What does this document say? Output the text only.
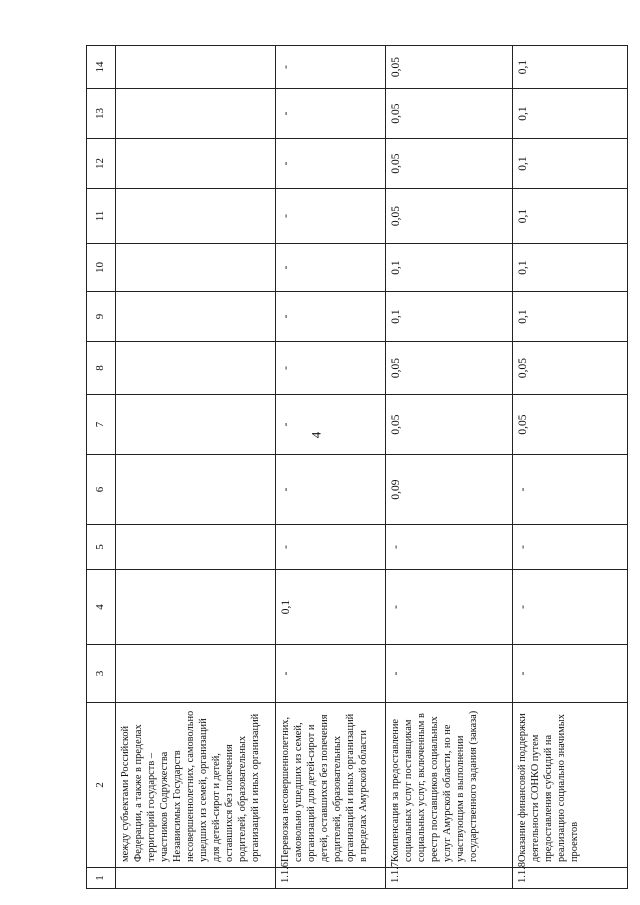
4
1	2	3	4	5	6	7	8	9	10	11	12	13	14
	между субъектами Российской Федерации, а также в пределах территорий государств – участников Содружества Независимых Государств несовершеннолетних, самовольно ушедших из семей, организаций для детей-сирот и детей, оставшихся без попечения родителей, образовательных организаций и иных организаций												
1.1.6	Перевозка несовершеннолетних, самовольно ушедших из семей, организаций для детей-сирот и детей, оставшихся без попечения родителей, образовательных организаций и иных организаций в пределах Амурской области	-	0,1	-	-	-	-	-	-	-	-	-	-
1.1.7	Компенсация за предоставление социальных услуг поставщикам социальных услуг, включенным в реестр поставщиков социальных услуг Амурской области, но не участвующим в выполнении государственного задания (заказа)	-	-	-	0,09	0,05	0,05	0,1	0,1	0,05	0,05	0,05	0,05
1.1.8	Оказание финансовой поддержки деятельности СОНКО путем предоставления субсидий на реализацию социально значимых проектов	-	-	-	-	0,05	0,05	0,1	0,1	0,1	0,1	0,1	0,1
